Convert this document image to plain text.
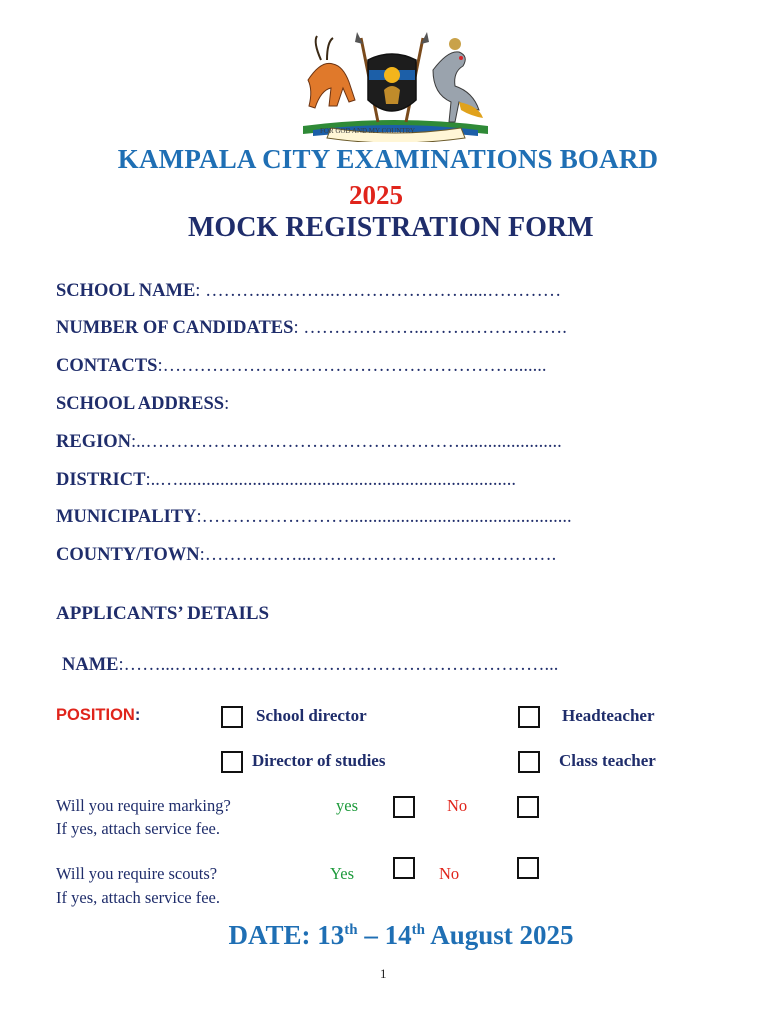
FOR GOD AND MY COUNTRY
KAMPALA CITY EXAMINATIONS BOARD
2025
MOCK REGISTRATION FORM
SCHOOL NAME: ………..………..………………….....…………
NUMBER OF CANDIDATES: ………………...…….…………….
CONTACTS:………………………………………………….......
SCHOOL ADDRESS:
REGION:..……………………………………………......................
DISTRICT:..….........................................................................
MUNICIPALITY:……………………................................................
COUNTY/TOWN:……………...………………………………….
APPLICANTS’ DETAILS
NAME:……...……………………………………………………...
POSITION:	School director	Headteacher
Director of studies	Class teacher
Will you require marking?
If yes, attach service fee.
yes	No
Will you require scouts?
If yes, attach service fee.
Yes	No
DATE: 13th – 14th August 2025
1
